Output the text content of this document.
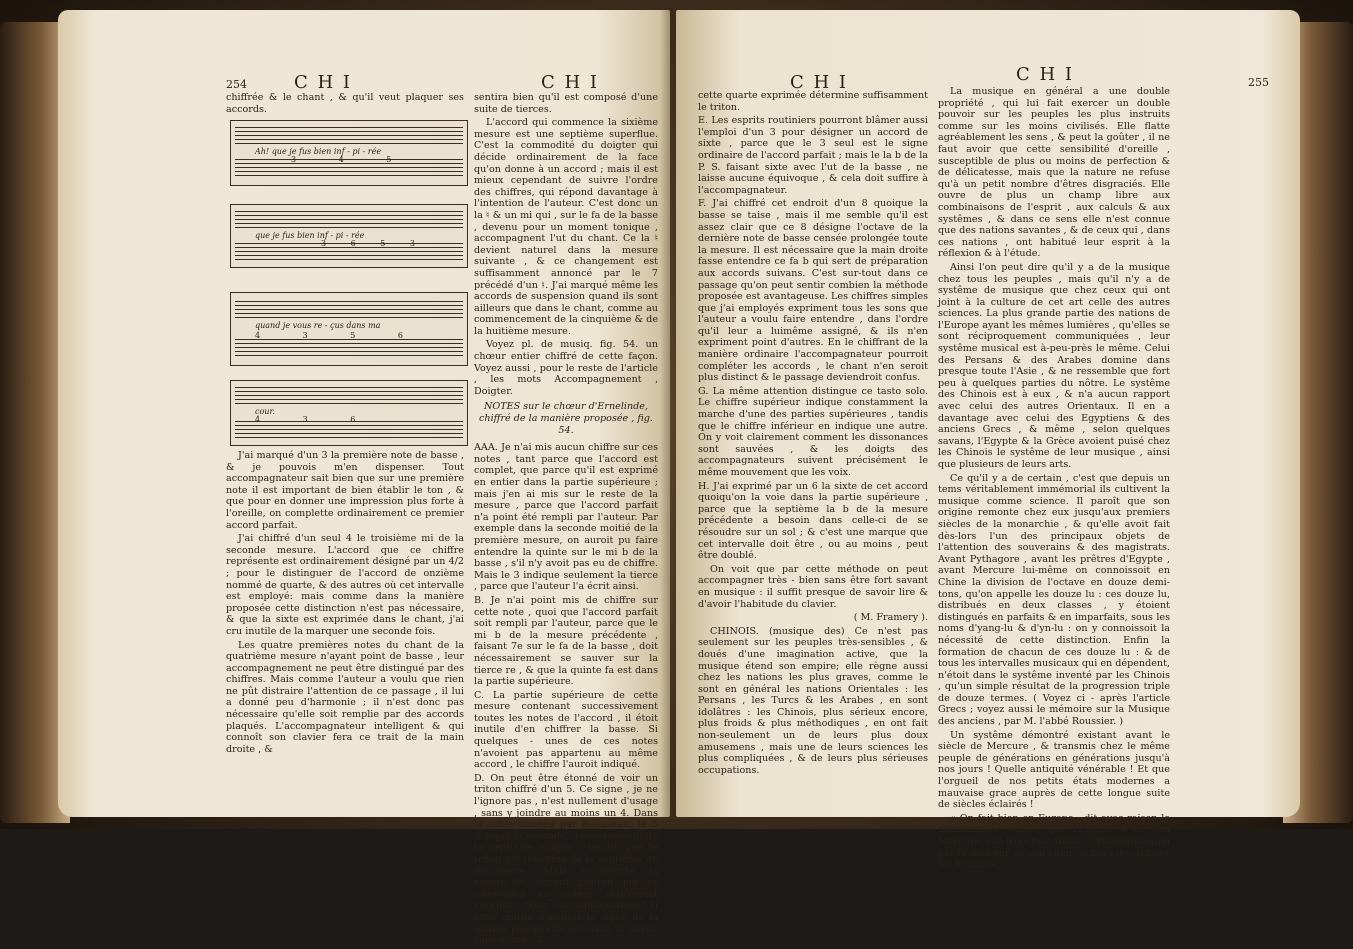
254	C H I	C H I

chiffrée & le chant , & qu'il veut plaquer ses accords.

Ah! que je fus bien inf - pi - rée
3 4 5
que je fus bien inf - pi - rée
3 6 5 3
quand je vous re - çus dans ma
4 3 5 6
cour.
4 3 6

J'ai marqué d'un 3 la première note de basse , & je pouvois m'en dispenser. Tout accompagnateur sait bien que sur une première note il est important de bien établir le ton , & que pour en donner une impression plus forte à l'oreille, on complette ordinairement ce premier accord parfait.

J'ai chiffré d'un seul 4 le troisième mi de la seconde mesure. L'accord que ce chiffre représente est ordinairement désigné par un 4/2 ; pour le distinguer de l'accord de onzième nommé de quarte, & des autres où cet intervalle est employé: mais comme dans la manière proposée cette distinction n'est pas nécessaire, & que la sixte est exprimée dans le chant, j'ai cru inutile de la marquer une seconde fois.

Les quatre premières notes du chant de la quatrième mesure n'ayant point de basse , leur accompagnement ne peut être distingué par des chiffres. Mais comme l'auteur a voulu que rien ne pût distraire l'attention de ce passage , il lui a donné peu d'harmonie ; il n'est donc pas nécessaire qu'elle soit remplie par des accords plaqués. L'accompagnateur intelligent & qui connoît son clavier fera ce trait de la main droite , &

sentira bien qu'il est composé d'une suite de tierces.

L'accord qui commence la sixième mesure est une septième superflue. C'est la commodité du doigter qui décide ordinairement de la face qu'on donne à un accord ; mais il est mieux cependant de suivre l'ordre des chiffres, qui répond davantage à l'intention de l'auteur. C'est donc un la ♮ & un mi qui , sur le fa de la basse , devenu pour un moment tonique , accompagnent l'ut du chant. Ce la ♮ devient naturel dans la mesure suivante , & ce changement est suffisamment annoncé par le 7 précédé d'un ♮. J'ai marqué même les accords de suspension quand ils sont ailleurs que dans le chant, comme au commencement de la cinquième & de la huitième mesure.

Voyez pl. de musiq. fig. 54. un chœur entier chiffré de cette façon. Voyez aussi , pour le reste de l'article , les mots Accompagnement , Doigter.

NOTES sur le chœur d'Ernelinde, chiffré de la manière proposée , fig. 54.

AAA. Je n'ai mis aucun chiffre sur ces notes , tant parce que l'accord est complet, que parce qu'il est exprimé en entier dans la partie supérieure ; mais j'en ai mis sur le reste de la mesure , parce que l'accord parfait n'a point été rempli par l'auteur. Par exemple dans la seconde moitié de la première mesure, on auroit pu faire entendre la quinte sur le mi b de la basse , s'il n'y avoit pas eu de chiffre. Mais le 3 indique seulement la tierce , parce que l'auteur l'a écrit ainsi.

B. Je n'ai point mis de chiffre sur cette note , quoi que l'accord parfait soit rempli par l'auteur, parce que le mi b de la mesure précédente , faisant 7e sur le fa de la basse , doit nécessairement se sauver sur la tierce re , & que la quinte fa est dans la partie supérieure.

C. La partie supérieure de cette mesure contenant successivement toutes les notes de l'accord , il étoit inutile d'en chiffrer la basse. Si quelques - unes de ces notes n'avoient pas appartenu au même accord , le chiffre l'auroit indiqué.

D. On peut être étonné de voir un triton chiffré d'un 5. Ce signe , je ne l'ignore pas , n'est nullement d'usage , sans y joindre au moins un 4. Dans la table donnée par Rousseau, le 5 indique la seconde , renversement de la septième simple , tandis que le triton est renversé de la septième de dominante. Mais qu'importe la nature de l'accord, pourvu que les intervalles en soient clairement exprimés pour l'accompagnateur? Il étoit inutile d'ajouter le signe de la quarte puisqu'elle est dans la partie supérieure ; &

C H I	C H I	255

cette quarte exprimée détermine suffisamment le triton.

E. Les esprits routiniers pourront blâmer aussi l'emploi d'un 3 pour désigner un accord de sixte , parce que le 3 seul est le signe ordinaire de l'accord parfait ; mais le la b de la P. S. faisant sixte avec l'ut de la basse , ne laisse aucune équivoque , & cela doit suffire à l'accompagnateur.

F. J'ai chiffré cet endroit d'un 8 quoique la basse se taise , mais il me semble qu'il est assez clair que ce 8 désigne l'octave de la dernière note de basse censée prolongée toute la mesure. Il est nécessaire que la main droite fasse entendre ce fa b qui sert de préparation aux accords suivans. C'est sur-tout dans ce passage qu'on peut sentir combien la méthode proposée est avantageuse. Les chiffres simples que j'ai employés expriment tous les sons que l'auteur a voulu faire entendre , dans l'ordre qu'il leur a luimême assigné, & ils n'en expriment point d'autres. En le chiffrant de la manière ordinaire l'accompagnateur pourroit compléter les accords , le chant n'en seroit plus distinct & le passage deviendroit confus.

G. La même attention distingue ce tasto solo. Le chiffre supérieur indique constamment la marche d'une des parties supérieures , tandis que le chiffre inférieur en indique une autre. On y voit clairement comment les dissonances sont sauvées , & les doigts des accompagnateurs suivent précisément le même mouvement que les voix.

H. J'ai exprimé par un 6 la sixte de cet accord quoiqu'on la voie dans la partie supérieure , parce que la septième la b de la mesure précédente a besoin dans celle-ci de se résoudre sur un sol ; & c'est une marque que cet intervalle doit être , ou au moins , peut être doublé.

On voit que par cette méthode on peut accompagner très - bien sans être fort savant en musique : il suffit presque de savoir lire & d'avoir l'habitude du clavier.

( M. Framery ).

CHINOIS. (musique des) Ce n'est pas seulement sur les peuples très-sensibles , & doués d'une imagination active, que la musique étend son empire; elle règne aussi chez les nations les plus graves, comme le sont en général les nations Orientales : les Persans , les Turcs & les Arabes , en sont idolâtres : les Chinois, plus sérieux encore, plus froids & plus méthodiques , en ont fait non-seulement un de leurs plus doux amusemens , mais une de leurs sciences les plus compliquées , & de leurs plus sérieuses occupations.

La musique en général a une double propriété , qui lui fait exercer un double pouvoir sur les peuples les plus instruits comme sur les moins civilisés. Elle flatte agréablement les sens , & peut la goûter , il ne faut avoir que cette sensibilité d'oreille , susceptible de plus ou moins de perfection & de délicatesse, mais que la nature ne refuse qu'à un petit nombre d'êtres disgraciés. Elle ouvre de plus un champ libre aux combinaisons de l'esprit , aux calculs & aux systêmes , & dans ce sens elle n'est connue que des nations savantes , & de ceux qui , dans ces nations , ont habitué leur esprit à la réflexion & à l'étude.

Ainsi l'on peut dire qu'il y a de la musique chez tous les peuples , mais qu'il n'y a de systême de musique que chez ceux qui ont joint à la culture de cet art celle des autres sciences. La plus grande partie des nations de l'Europe ayant les mêmes lumières , qu'elles se sont réciproquement communiquées , leur systême musical est à-peu-près le même. Celui des Persans & des Arabes domine dans presque toute l'Asie , & ne ressemble que fort peu à quelques parties du nôtre. Le systême des Chinois est à eux , & n'a aucun rapport avec celui des autres Orientaux. Il en a davantage avec celui des Egyptiens & des anciens Grecs , & même , selon quelques savans, l'Egypte & la Grèce avoient puisé chez les Chinois le systême de leur musique , ainsi que plusieurs de leurs arts.

Ce qu'il y a de certain , c'est que depuis un tems véritablement immémorial ils cultivent la musique comme science. Il paroît que son origine remonte chez eux jusqu'aux premiers siècles de la monarchie , & qu'elle avoit fait dès-lors l'un des principaux objets de l'attention des souverains & des magistrats. Avant Pythagore , avant les prêtres d'Egypte , avant Mercure lui-même on connoissoit en Chine la division de l'octave en douze demi-tons, qu'on appelle les douze lu : ces douze lu, distribués en deux classes , y étoient distingués en parfaits & en imparfaits, sous les noms d'yang-lu & d'yn-lu : on y connoissoit la nécessité de cette distinction. Enfin la formation de chacun de ces douze lu : & de tous les intervalles musicaux qui en dépendent, n'étoit dans le systême inventé par les Chinois , qu'un simple résultat de la progression triple de douze termes. ( Voyez ci - après l'article Grecs ; voyez aussi le mémoire sur la Musique des anciens , par M. l'abbé Roussier. )

Un systême démontré existant avant le siècle de Mercure , & transmis chez le même peuple de générations en générations jusqu'à nos jours ! Quelle antiquité vénérable ! Et que l'orgueil de nos petits états modernes a mauvaise grace auprès de cette longue suite de siècles éclairés !

« On fait bien en Europe , dit avec raison le missionnaire Amiot, que l'Egypte a eu son Mercure, son trois fois grand ( Trismegiste),qui par la douceur de son chant acheva de civiliser les hommes ;
